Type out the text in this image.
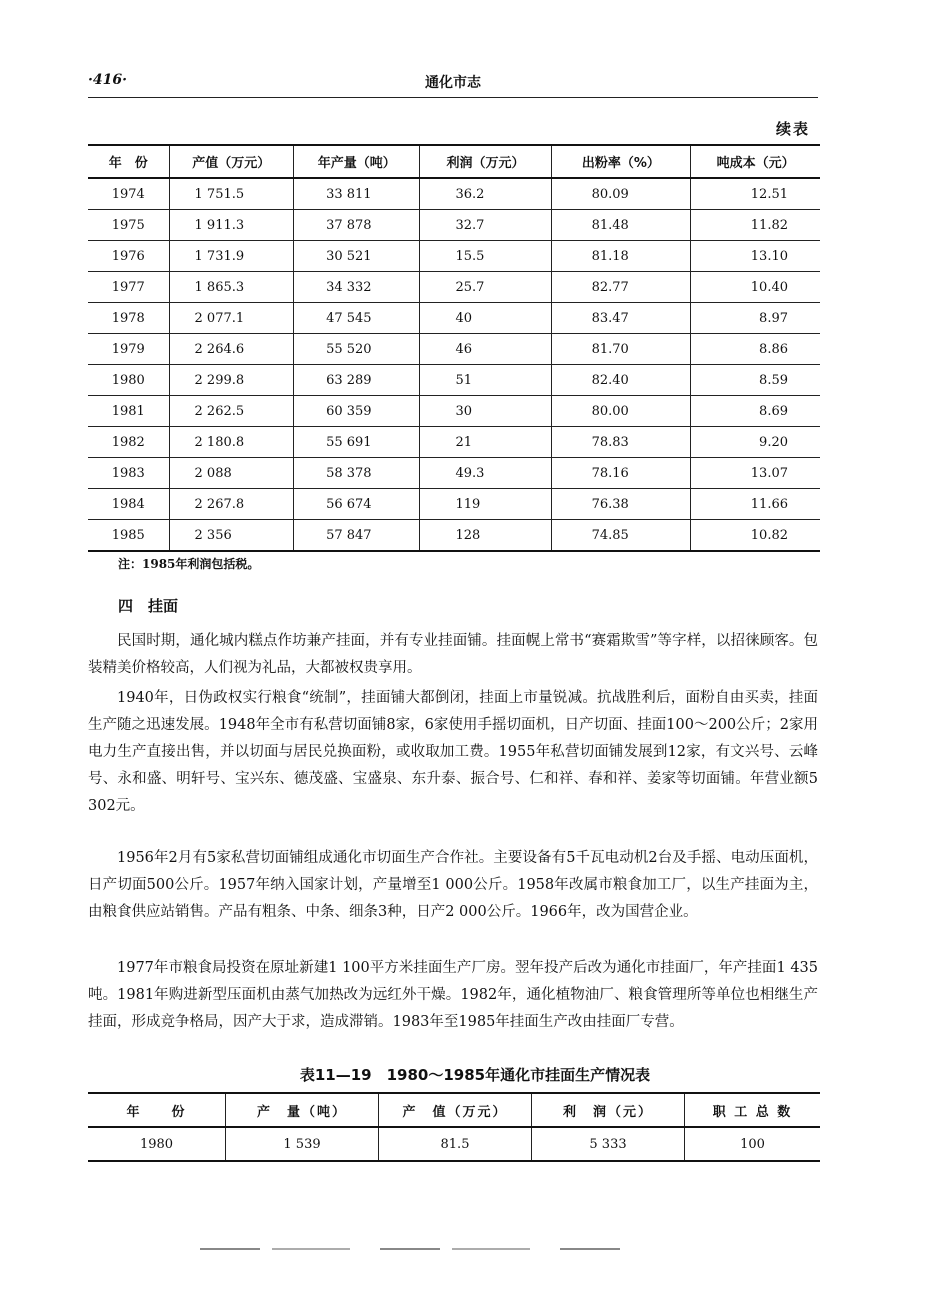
·416·	通化市志
续表
年　份	产值（万元）	年产量（吨）	利润（万元）	出粉率（%）	吨成本（元）
1974	1 751.5	33 811	36.2	80.09	12.51
1975	1 911.3	37 878	32.7	81.48	11.82
1976	1 731.9	30 521	15.5	81.18	13.10
1977	1 865.3	34 332	25.7	82.77	10.40
1978	2 077.1	47 545	40	83.47	8.97
1979	2 264.6	55 520	46	81.70	8.86
1980	2 299.8	63 289	51	82.40	8.59
1981	2 262.5	60 359	30	80.00	8.69
1982	2 180.8	55 691	21	78.83	9.20
1983	2 088	58 378	49.3	78.16	13.07
1984	2 267.8	56 674	119	76.38	11.66
1985	2 356	57 847	128	74.85	10.82
注：1985年利润包括税。
四　挂面

民国时期，通化城内糕点作坊兼产挂面，并有专业挂面铺。挂面幌上常书“赛霜欺雪”等字样，以招徕顾客。包装精美价格较高，人们视为礼品，大都被权贵享用。

1940年，日伪政权实行粮食“统制”，挂面铺大都倒闭，挂面上市量锐减。抗战胜利后，面粉自由买卖，挂面生产随之迅速发展。1948年全市有私营切面铺8家，6家使用手摇切面机，日产切面、挂面100～200公斤；2家用电力生产直接出售，并以切面与居民兑换面粉，或收取加工费。1955年私营切面铺发展到12家，有文兴号、云峰号、永和盛、明轩号、宝兴东、德茂盛、宝盛泉、东升泰、振合号、仁和祥、春和祥、姜家等切面铺。年营业额5 302元。

1956年2月有5家私营切面铺组成通化市切面生产合作社。主要设备有5千瓦电动机2台及手摇、电动压面机，日产切面500公斤。1957年纳入国家计划，产量增至1 000公斤。1958年改属市粮食加工厂，以生产挂面为主，由粮食供应站销售。产品有粗条、中条、细条3种，日产2 000公斤。1966年，改为国营企业。

1977年市粮食局投资在原址新建1 100平方米挂面生产厂房。翌年投产后改为通化市挂面厂，年产挂面1 435吨。1981年购进新型压面机由蒸气加热改为远红外干燥。1982年，通化植物油厂、粮食管理所等单位也相继生产挂面，形成竞争格局，因产大于求，造成滞销。1983年至1985年挂面生产改由挂面厂专营。

表11—19　1980～1985年通化市挂面生产情况表
年　　份	产　量（吨）	产　值（万元）	利　润（元）	职 工 总 数
1980	1 539	81.5	5 333	100
